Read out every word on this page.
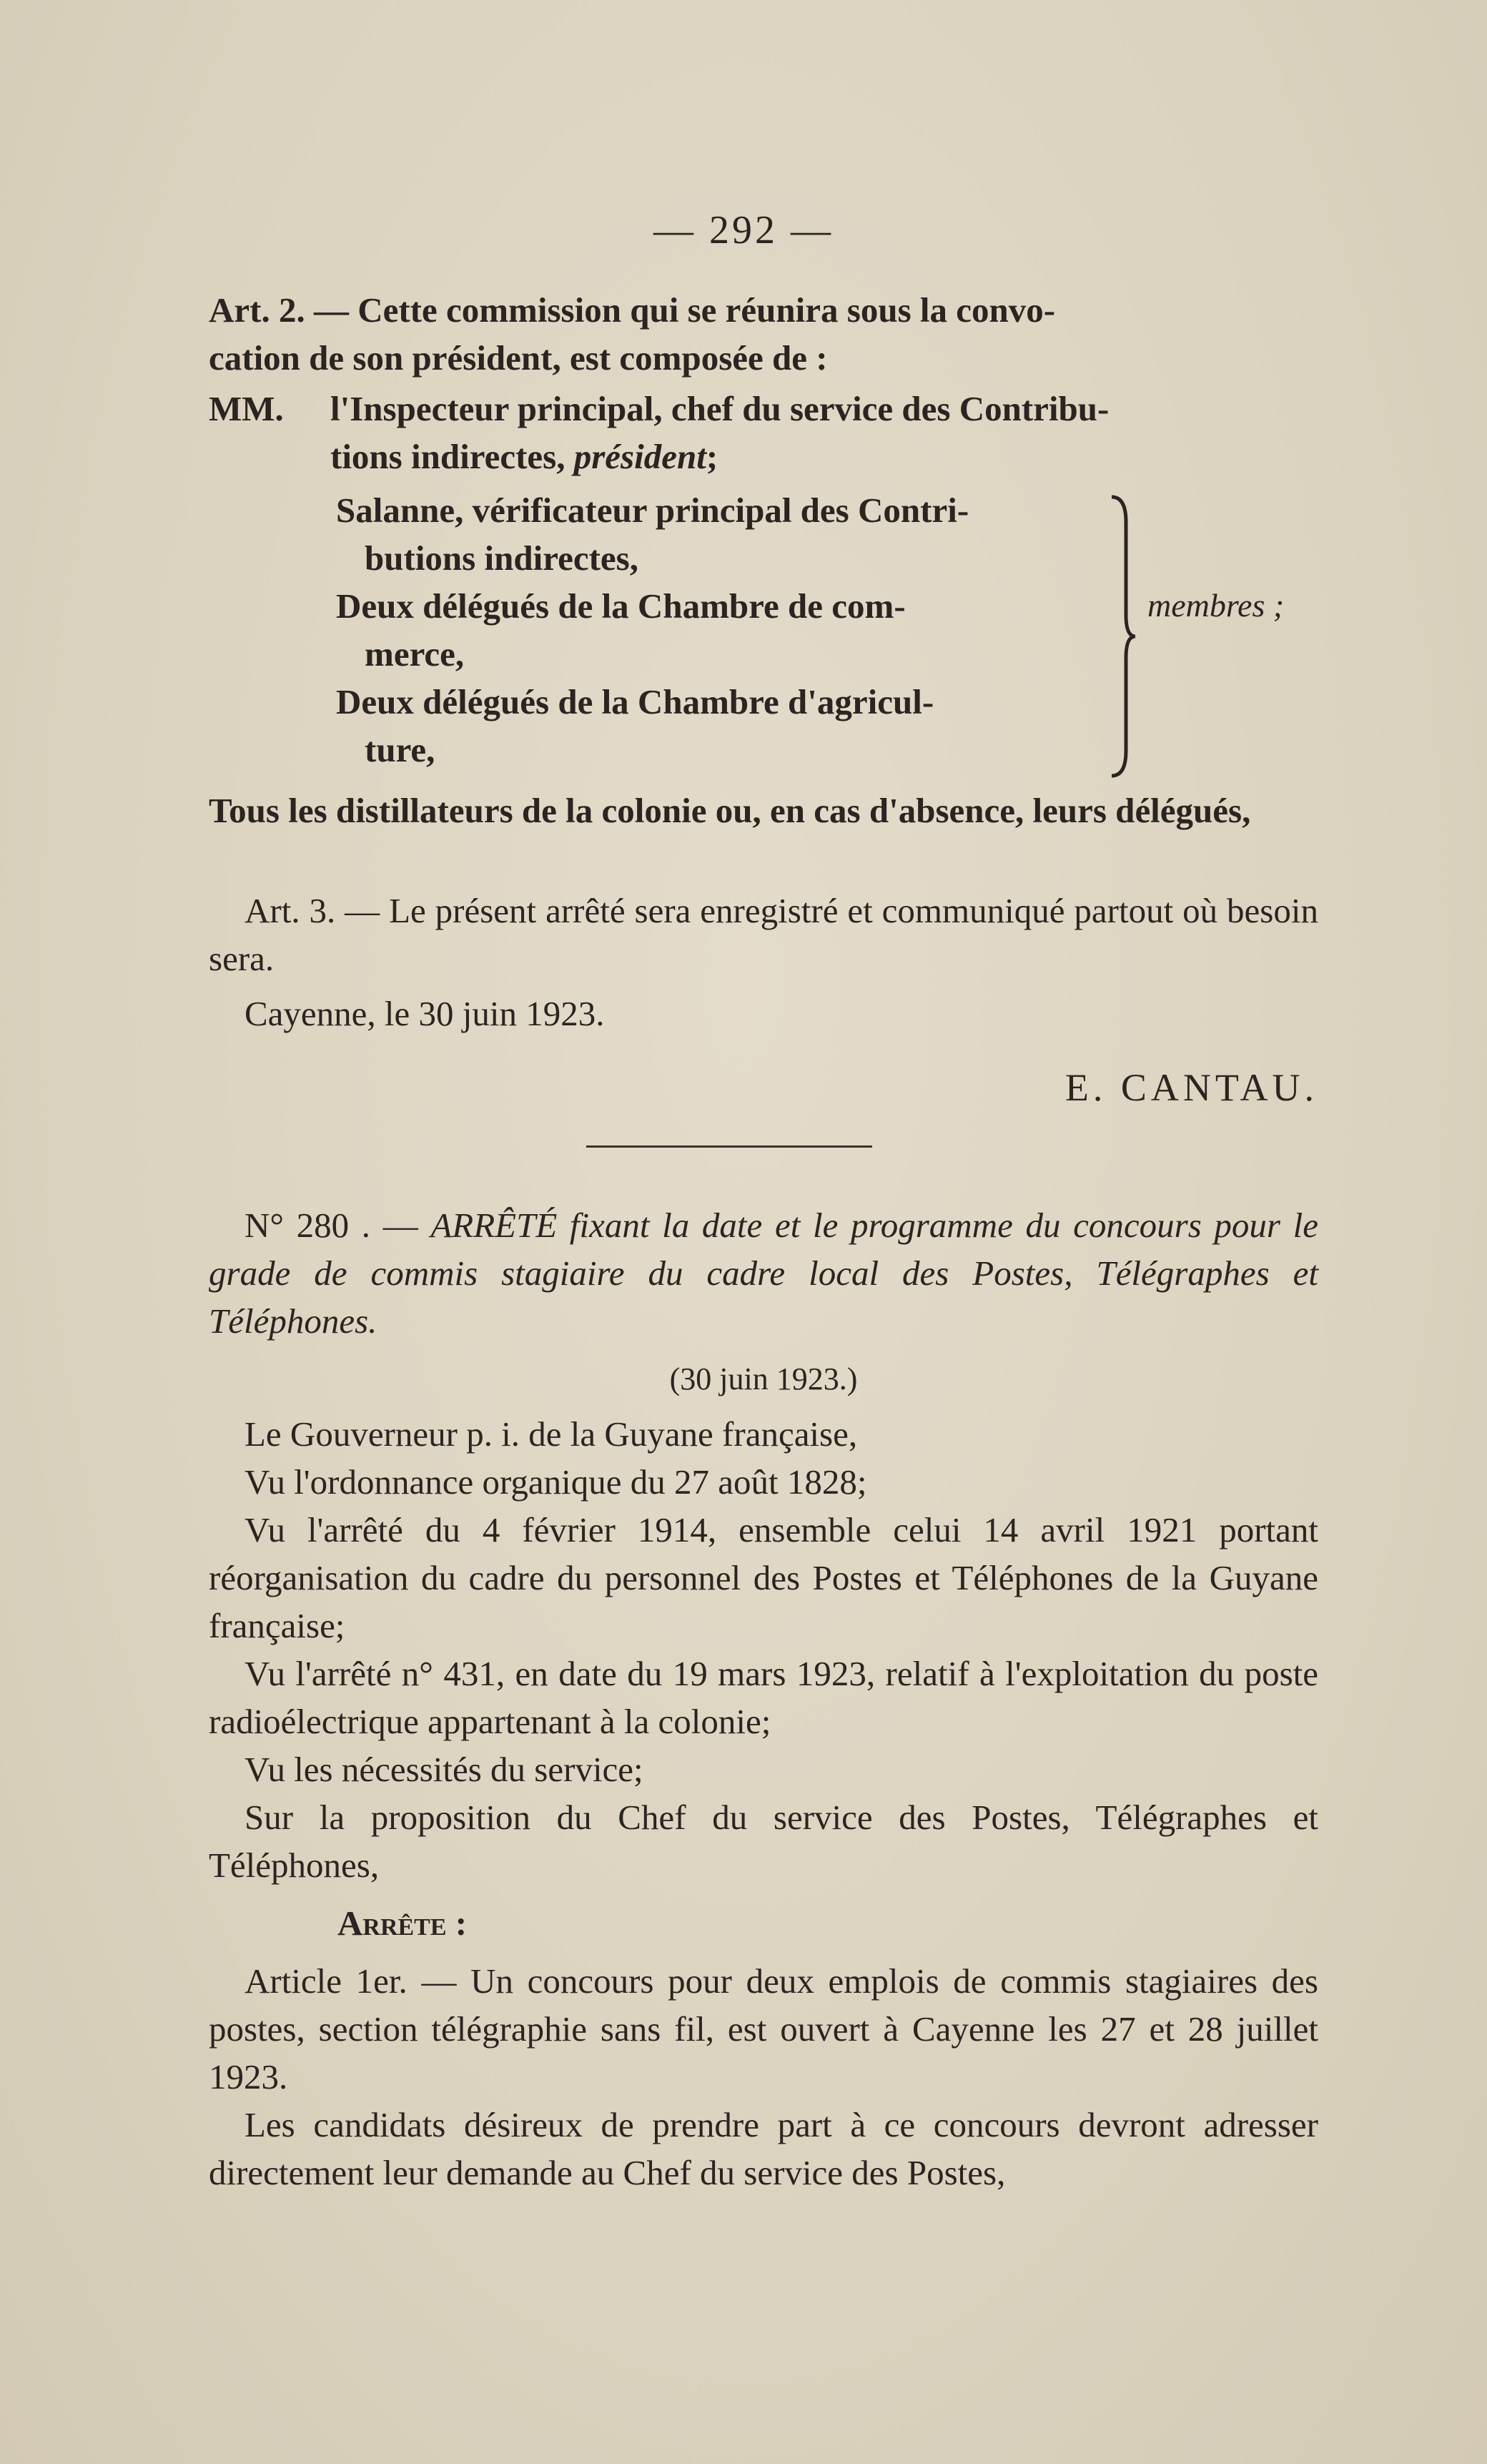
— 292 —

Art. 2. — Cette commission qui se réunira sous la convo-

cation de son président, est composée de :

MM. l'Inspecteur principal, chef du service des Contribu-

tions indirectes, président;

Salanne, vérificateur principal des Contri-
butions indirectes,

Deux délégués de la Chambre de com-
merce,

Deux délégués de la Chambre d'agricul-
ture,

membres ;

Tous les distillateurs de la colonie ou, en cas d'absence, leurs délégués,

Art. 3. — Le présent arrêté sera enregistré et communiqué partout où besoin sera.

Cayenne, le 30 juin 1923.

E. CANTAU.

N° 280 . — ARRÊTÉ fixant la date et le programme du concours pour le grade de commis stagiaire du cadre local des Postes, Télégraphes et Téléphones.

(30 juin 1923.)

Le Gouverneur p. i. de la Guyane française,

Vu l'ordonnance organique du 27 août 1828;

Vu l'arrêté du 4 février 1914, ensemble celui 14 avril 1921 portant réorganisation du cadre du personnel des Postes et Téléphones de la Guyane française;

Vu l'arrêté n° 431, en date du 19 mars 1923, relatif à l'exploitation du poste radioélectrique appartenant à la colonie;

Vu les nécessités du service;

Sur la proposition du Chef du service des Postes, Télégraphes et Téléphones,

Arrête :

Article 1er. — Un concours pour deux emplois de commis stagiaires des postes, section télégraphie sans fil, est ouvert à Cayenne les 27 et 28 juillet 1923.

Les candidats désireux de prendre part à ce concours devront adresser directement leur demande au Chef du service des Postes,
